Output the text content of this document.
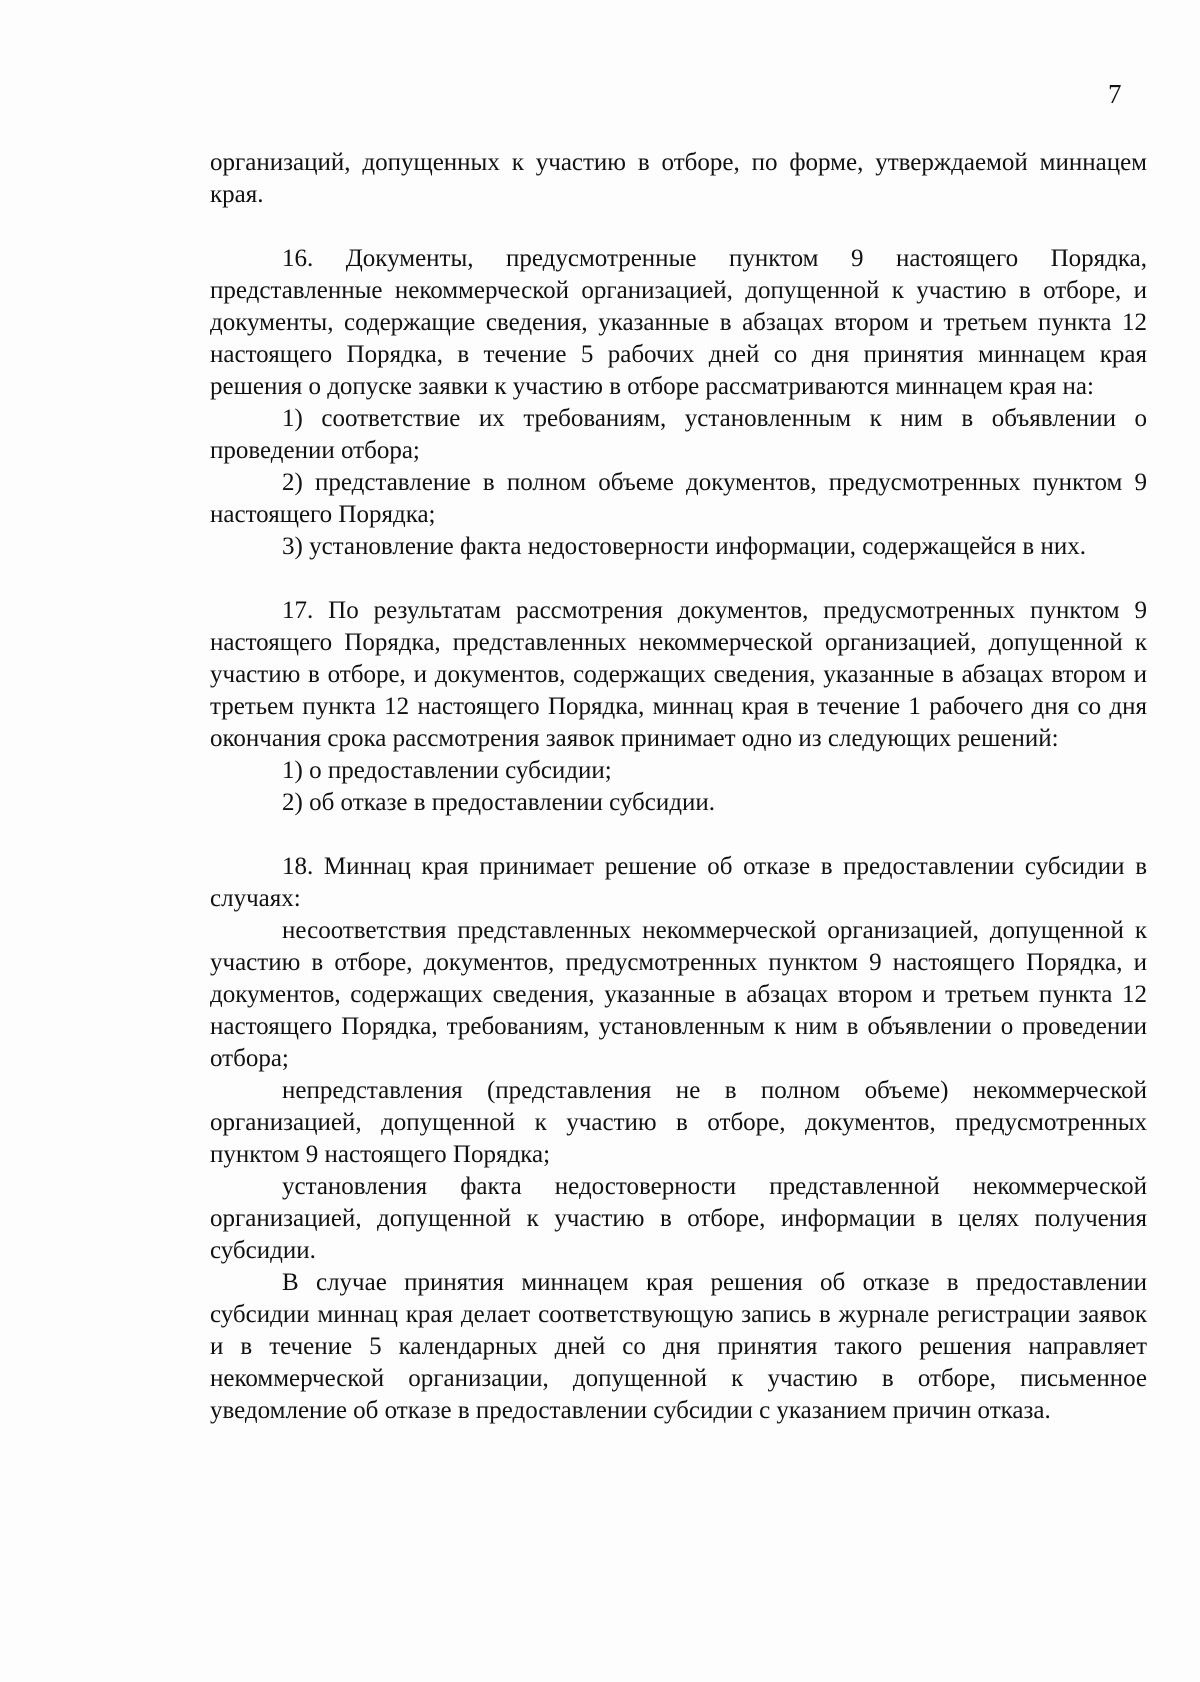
7

организаций, допущенных к участию в отборе, по форме, утверждаемой миннацем края.

16. Документы, предусмотренные пунктом 9 настоящего Порядка, представленные некоммерческой организацией, допущенной к участию в отборе, и документы, содержащие сведения, указанные в абзацах втором и третьем пункта 12 настоящего Порядка, в течение 5 рабочих дней со дня принятия миннацем края решения о допуске заявки к участию в отборе рассматриваются миннацем края на:

1) соответствие их требованиям, установленным к ним в объявлении о проведении отбора;

2) представление в полном объеме документов, предусмотренных пунктом 9 настоящего Порядка;

3) установление факта недостоверности информации, содержащейся в них.

17. По результатам рассмотрения документов, предусмотренных пунктом 9 настоящего Порядка, представленных некоммерческой организацией, допущенной к участию в отборе, и документов, содержащих сведения, указанные в абзацах втором и третьем пункта 12 настоящего Порядка, миннац края в течение 1 рабочего дня со дня окончания срока рассмотрения заявок принимает одно из следующих решений:

1) о предоставлении субсидии;

2) об отказе в предоставлении субсидии.

18. Миннац края принимает решение об отказе в предоставлении субсидии в случаях:

несоответствия представленных некоммерческой организацией, допущенной к участию в отборе, документов, предусмотренных пунктом 9 настоящего Порядка, и документов, содержащих сведения, указанные в абзацах втором и третьем пункта 12 настоящего Порядка, требованиям, установленным к ним в объявлении о проведении отбора;

непредставления (представления не в полном объеме) некоммерческой организацией, допущенной к участию в отборе, документов, предусмотренных пунктом 9 настоящего Порядка;

установления факта недостоверности представленной некоммерческой организацией, допущенной к участию в отборе, информации в целях получения субсидии.

В случае принятия миннацем края решения об отказе в предоставлении субсидии миннац края делает соответствующую запись в журнале регистрации заявок и в течение 5 календарных дней со дня принятия такого решения направляет некоммерческой организации, допущенной к участию в отборе, письменное уведомление об отказе в предоставлении субсидии с указанием причин отказа.
